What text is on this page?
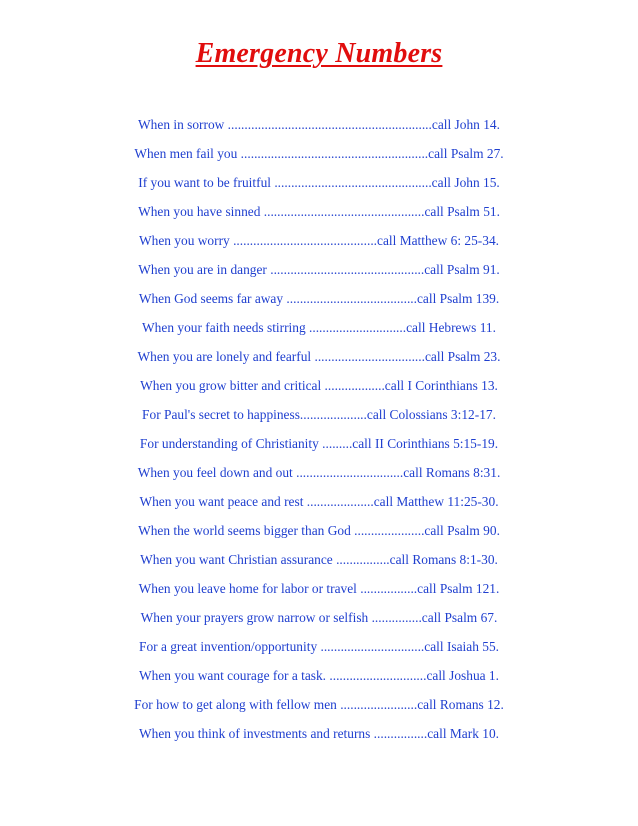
Emergency Numbers
When in sorrow .............................................................call John 14.
When men fail you ........................................................call Psalm 27.
If you want to be fruitful ...............................................call John 15.
When you have sinned ................................................call Psalm 51.
When you worry ...........................................call Matthew 6: 25-34.
When you are in danger ..............................................call Psalm 91.
When God seems far away .......................................call Psalm 139.
When your faith needs stirring .............................call Hebrews 11.
When you are lonely and fearful .................................call Psalm 23.
When you grow bitter and critical ..................call I Corinthians 13.
For Paul's secret to happiness....................call Colossians 3:12-17.
For understanding of Christianity .........call II Corinthians 5:15-19.
When you feel down and out ................................call Romans 8:31.
When you want peace and rest ....................call Matthew 11:25-30.
When the world seems bigger than God .....................call Psalm 90.
When you want Christian assurance ................call Romans 8:1-30.
When you leave home for labor or travel .................call Psalm 121.
When your prayers grow narrow or selfish ...............call Psalm 67.
For a great invention/opportunity ...............................call Isaiah 55.
When you want courage for a task. .............................call Joshua 1.
For how to get along with fellow men .......................call Romans 12.
When you think of investments and returns ................call Mark 10.
